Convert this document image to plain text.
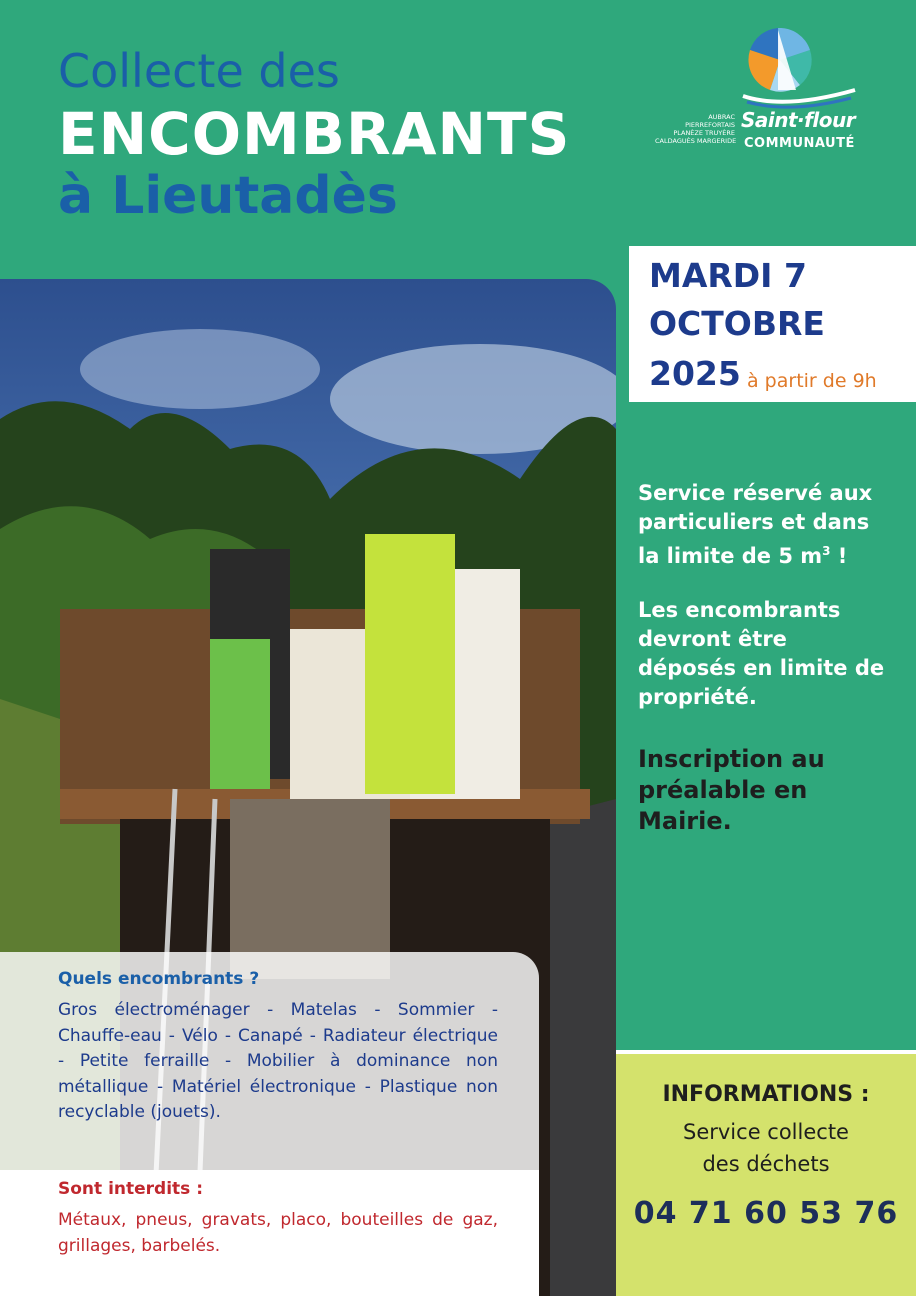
Collecte des
ENCOMBRANTS
à Lieutadès
AUBRAC
PIERREFORTAIS
PLANÈZE TRUYÈRE
CALDAGUÈS MARGERIDE
Saint·flour
COMMUNAUTÉ
MARDI 7
OCTOBRE
2025 à partir de 9h
Service réservé aux
particuliers et dans
la limite de 5 $m^3$ !
Les encombrants
devront être
déposés en limite de
propriété.
Inscription au
préalable en
Mairie.
INFORMATIONS :
Service collecte
des déchets
04 71 60 53 76
Quels encombrants ?
Gros électroménager - Matelas - Sommier - Chauffe-eau - Vélo - Canapé - Radiateur électrique - Petite ferraille - Mobilier à dominance non métallique - Matériel électronique - Plastique non recyclable (jouets).
Sont interdits :
Métaux, pneus, gravats, placo, bouteilles de gaz, grillages, barbelés.
